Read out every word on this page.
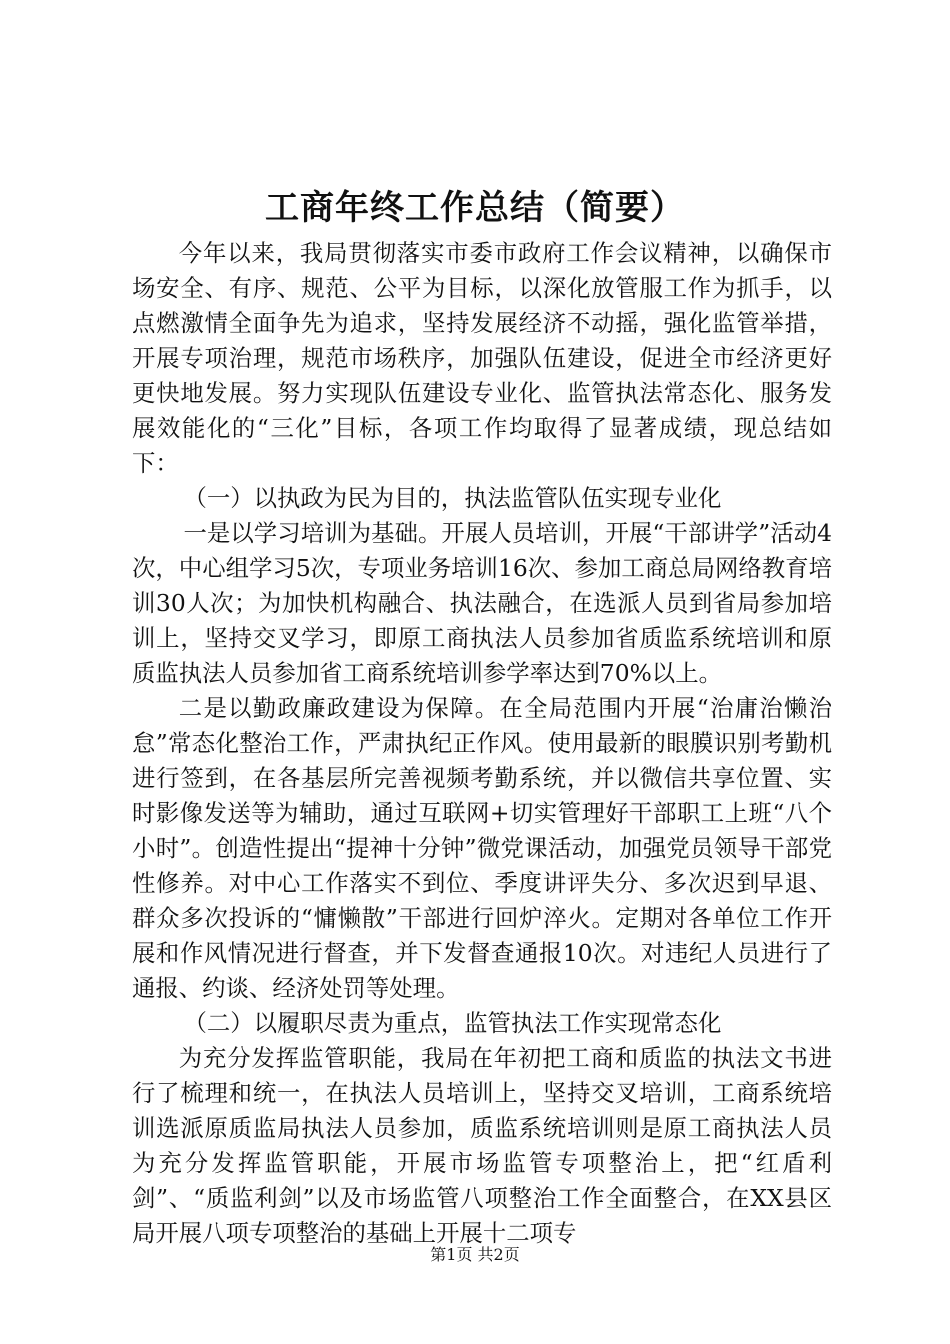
工商年终工作总结（简要）

今年以来，我局贯彻落实市委市政府工作会议精神，以确保市场安全、有序、规范、公平为目标，以深化放管服工作为抓手，以点燃激情全面争先为追求，坚持发展经济不动摇，强化监管举措，开展专项治理，规范市场秩序，加强队伍建设，促进全市经济更好更快地发展。努力实现队伍建设专业化、监管执法常态化、服务发展效能化的“三化”目标，各项工作均取得了显著成绩，现总结如下：

（一）以执政为民为目的，执法监管队伍实现专业化

一是以学习培训为基础。开展人员培训，开展“干部讲学”活动4次，中心组学习5次，专项业务培训16次、参加工商总局网络教育培训30人次；为加快机构融合、执法融合，在选派人员到省局参加培训上，坚持交叉学习，即原工商执法人员参加省质监系统培训和原质监执法人员参加省工商系统培训参学率达到70%以上。

二是以勤政廉政建设为保障。在全局范围内开展“治庸治懒治怠”常态化整治工作，严肃执纪正作风。使用最新的眼膜识别考勤机进行签到，在各基层所完善视频考勤系统，并以微信共享位置、实时影像发送等为辅助，通过互联网+切实管理好干部职工上班“八个小时”。创造性提出“提神十分钟”微党课活动，加强党员领导干部党性修养。对中心工作落实不到位、季度讲评失分、多次迟到早退、群众多次投诉的“慵懒散”干部进行回炉淬火。定期对各单位工作开展和作风情况进行督查，并下发督查通报10次。对违纪人员进行了通报、约谈、经济处罚等处理。

（二）以履职尽责为重点，监管执法工作实现常态化

为充分发挥监管职能，我局在年初把工商和质监的执法文书进行了梳理和统一，在执法人员培训上，坚持交叉培训，工商系统培训选派原质监局执法人员参加，质监系统培训则是原工商执法人员为充分发挥监管职能，开展市场监管专项整治上，把“红盾利剑”、“质监利剑”以及市场监管八项整治工作全面整合，在XX县区局开展八项专项整治的基础上开展十二项专

第1页 共2页
